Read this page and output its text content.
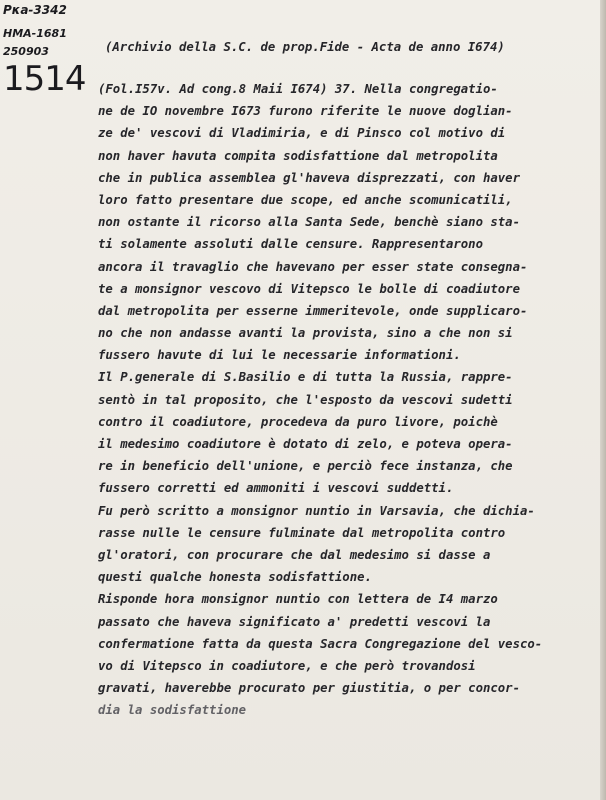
Pκa-3342
HMA-1681
250903
1514
(Archivio della S.C. de prop.Fide - Acta de anno I674)
(Fol.I57v. Ad cong.8 Maii I674) 37. Nella congregatio-
ne de IO novembre I673 furono riferite le nuove doglian-
ze de' vescovi di Vladimiria, e di Pinsco col motivo di
non haver havuta compita sodisfattione dal metropolita
che in publica assemblea gl'haveva disprezzati, con haver
loro fatto presentare due scope, ed anche scomunicatili,
non ostante il ricorso alla Santa Sede, benchè siano sta-
ti solamente assoluti dalle censure. Rappresentarono
ancora il travaglio che havevano per esser state consegna-
te a monsignor vescovo di Vitepsco le bolle di coadiutore
dal metropolita per esserne immeritevole, onde supplicaro-
no che non andasse avanti la provista, sino a che non si
fussero havute di lui le necessarie informationi.
Il P.generale di S.Basilio e di tutta la Russia, rappre-
sentò in tal proposito, che l'esposto da vescovi sudetti
contro il coadiutore, procedeva da puro livore, poichè
il medesimo coadiutore è dotato di zelo, e poteva operа-
re in beneficio dell'unione, e perciò fece instanza, che
fussero corretti ed ammoniti i vescovi suddetti.
Fu però scritto a monsignor nuntio in Varsavia, che dichia-
rasse nulle le censure fulminate dal metropolita contro
gl'oratori, con procurare che dal medesimo si dasse a
questi qualche honesta sodisfattione.
Risponde hora monsignor nuntio con lettera de I4 marzo
passato che haveva significato a' predetti vescovi la
confermatione fatta da questa Sacra Congregazione del vesco-
vo di Vitepsco in coadiutore, e che però trovandosi
gravati, haverebbe procurato per giustitia, o per concor-
dia la sodisfattione
